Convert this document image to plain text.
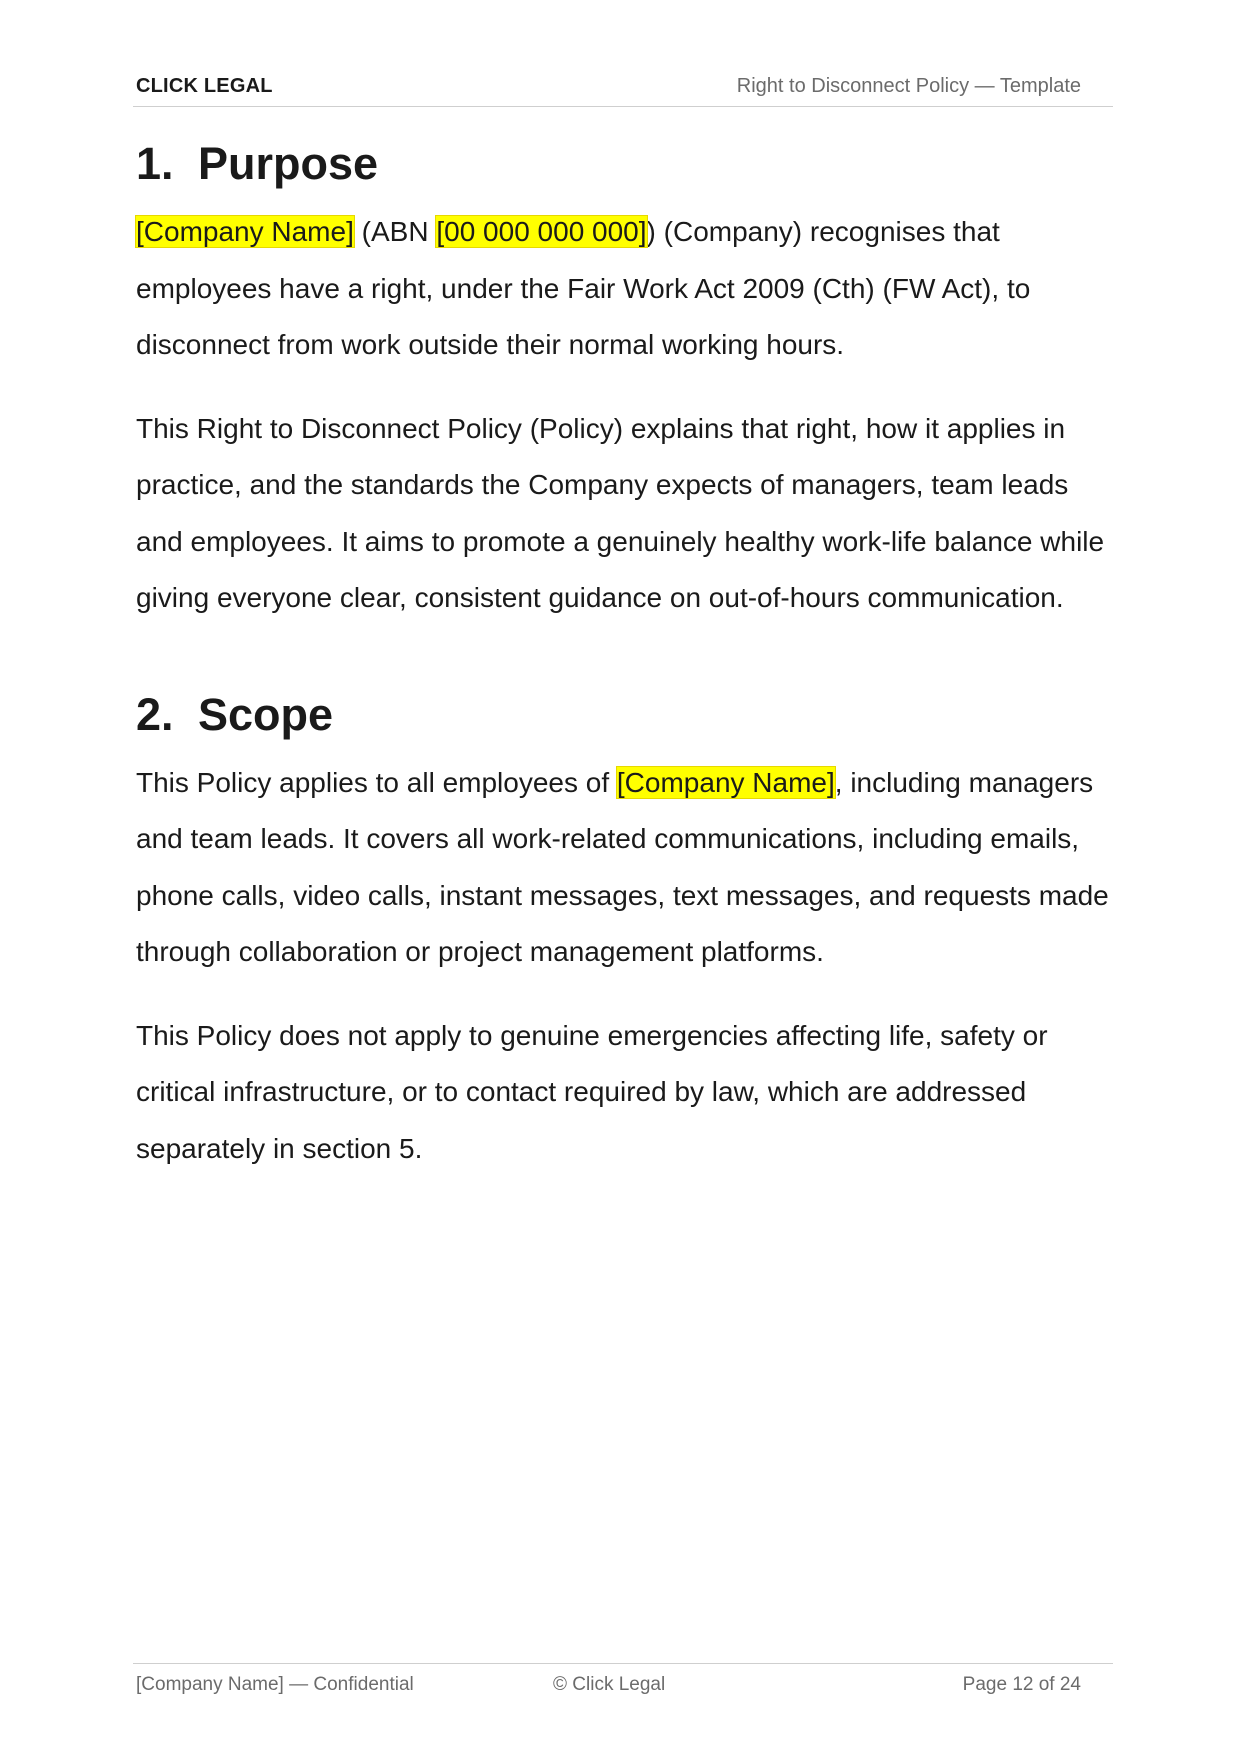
CLICK LEGAL	Right to Disconnect Policy — Template
1. Purpose

[Company Name] (ABN [00 000 000 000]) (Company) recognises that employees have a right, under the Fair Work Act 2009 (Cth) (FW Act), to disconnect from work outside their normal working hours.

This Right to Disconnect Policy (Policy) explains that right, how it applies in practice, and the standards the Company expects of managers, team leads and employees. It aims to promote a genuinely healthy work-life balance while giving everyone clear, consistent guidance on out-of-hours communication.

2. Scope

This Policy applies to all employees of [Company Name], including managers and team leads. It covers all work-related communications, including emails, phone calls, video calls, instant messages, text messages, and requests made through collaboration or project management platforms.

This Policy does not apply to genuine emergencies affecting life, safety or critical infrastructure, or to contact required by law, which are addressed separately in section 5.

[Company Name] — Confidential	© Click Legal	Page 12 of 24
